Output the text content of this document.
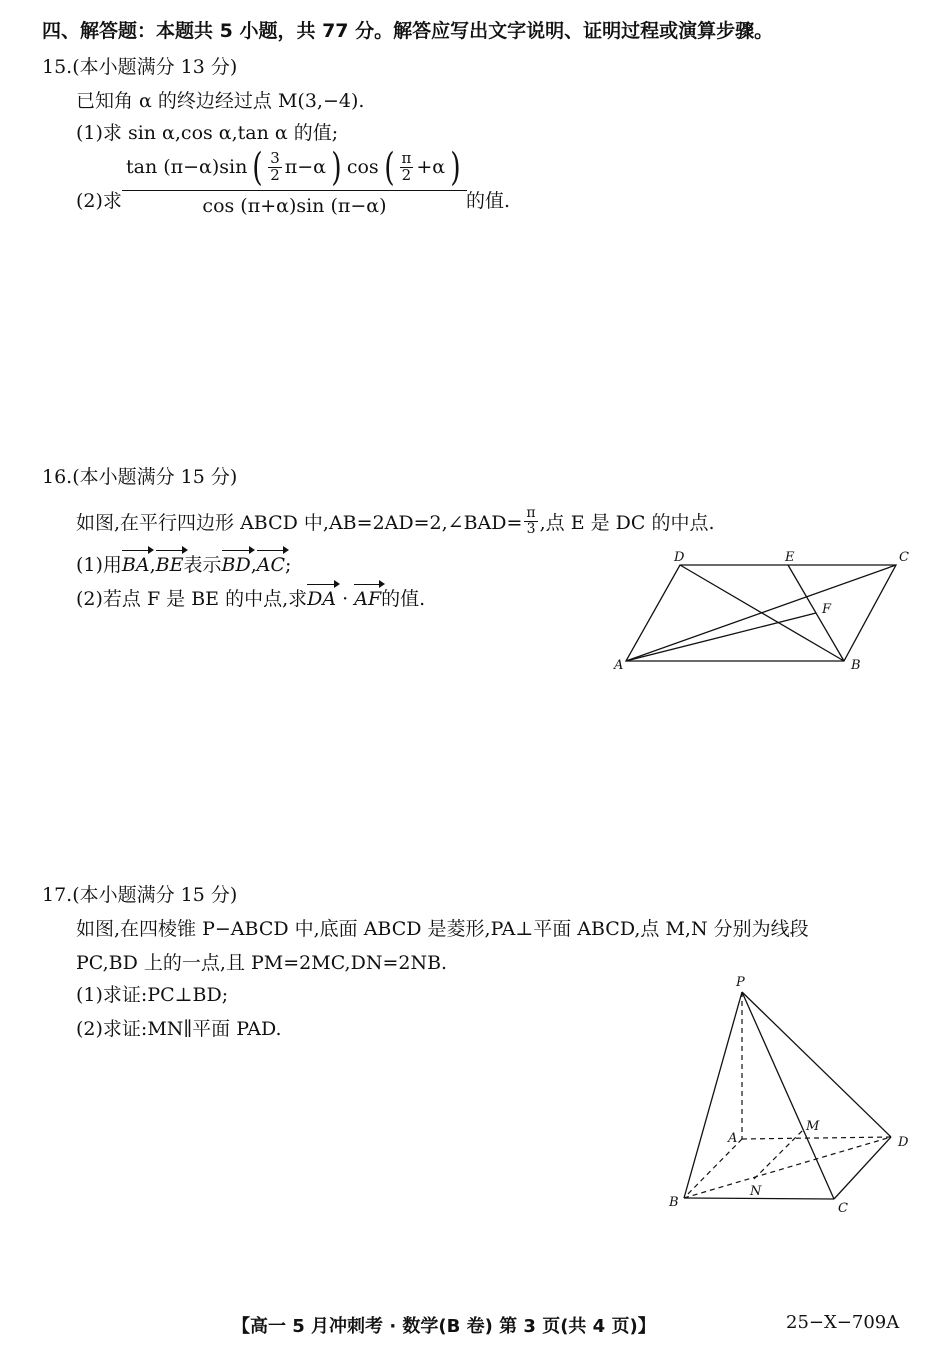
四、解答题：本题共 5 小题，共 77 分。解答应写出文字说明、证明过程或演算步骤。
15.(本小题满分 13 分)
已知角 α 的终边经过点 M(3,−4).
(1)求 sin α,cos α,tan α 的值;
(2)求
tan (π−α)sin ( $\frac{3}{2} \pi-\alpha$ ) cos ( $\frac{\pi}{2} +\alpha$ )
cos (π+α)sin (π−α)	的值.
16.(本小题满分 15 分)
如图,在平行四边形 ABCD 中,AB=2AD=2,∠BAD= $\frac{\pi}{3}$ ,点 E 是 DC 的中点.
(1)用BA,BE表示BD,AC;
(2)若点 F 是 BE 的中点,求DA · AF的值.
A	B
C
D	E
F
17.(本小题满分 15 分)
如图,在四棱锥 P−ABCD 中,底面 ABCD 是菱形,PA⊥平面 ABCD,点 M,N 分别为线段
PC,BD 上的一点,且 PM=2MC,DN=2NB.
(1)求证:PC⊥BD;
(2)求证:MN∥平面 PAD.
P
A
B	C
D
M
N
【高一 5 月冲刺考 · 数学(B 卷) 第 3 页(共 4 页)】	25−X−709A
